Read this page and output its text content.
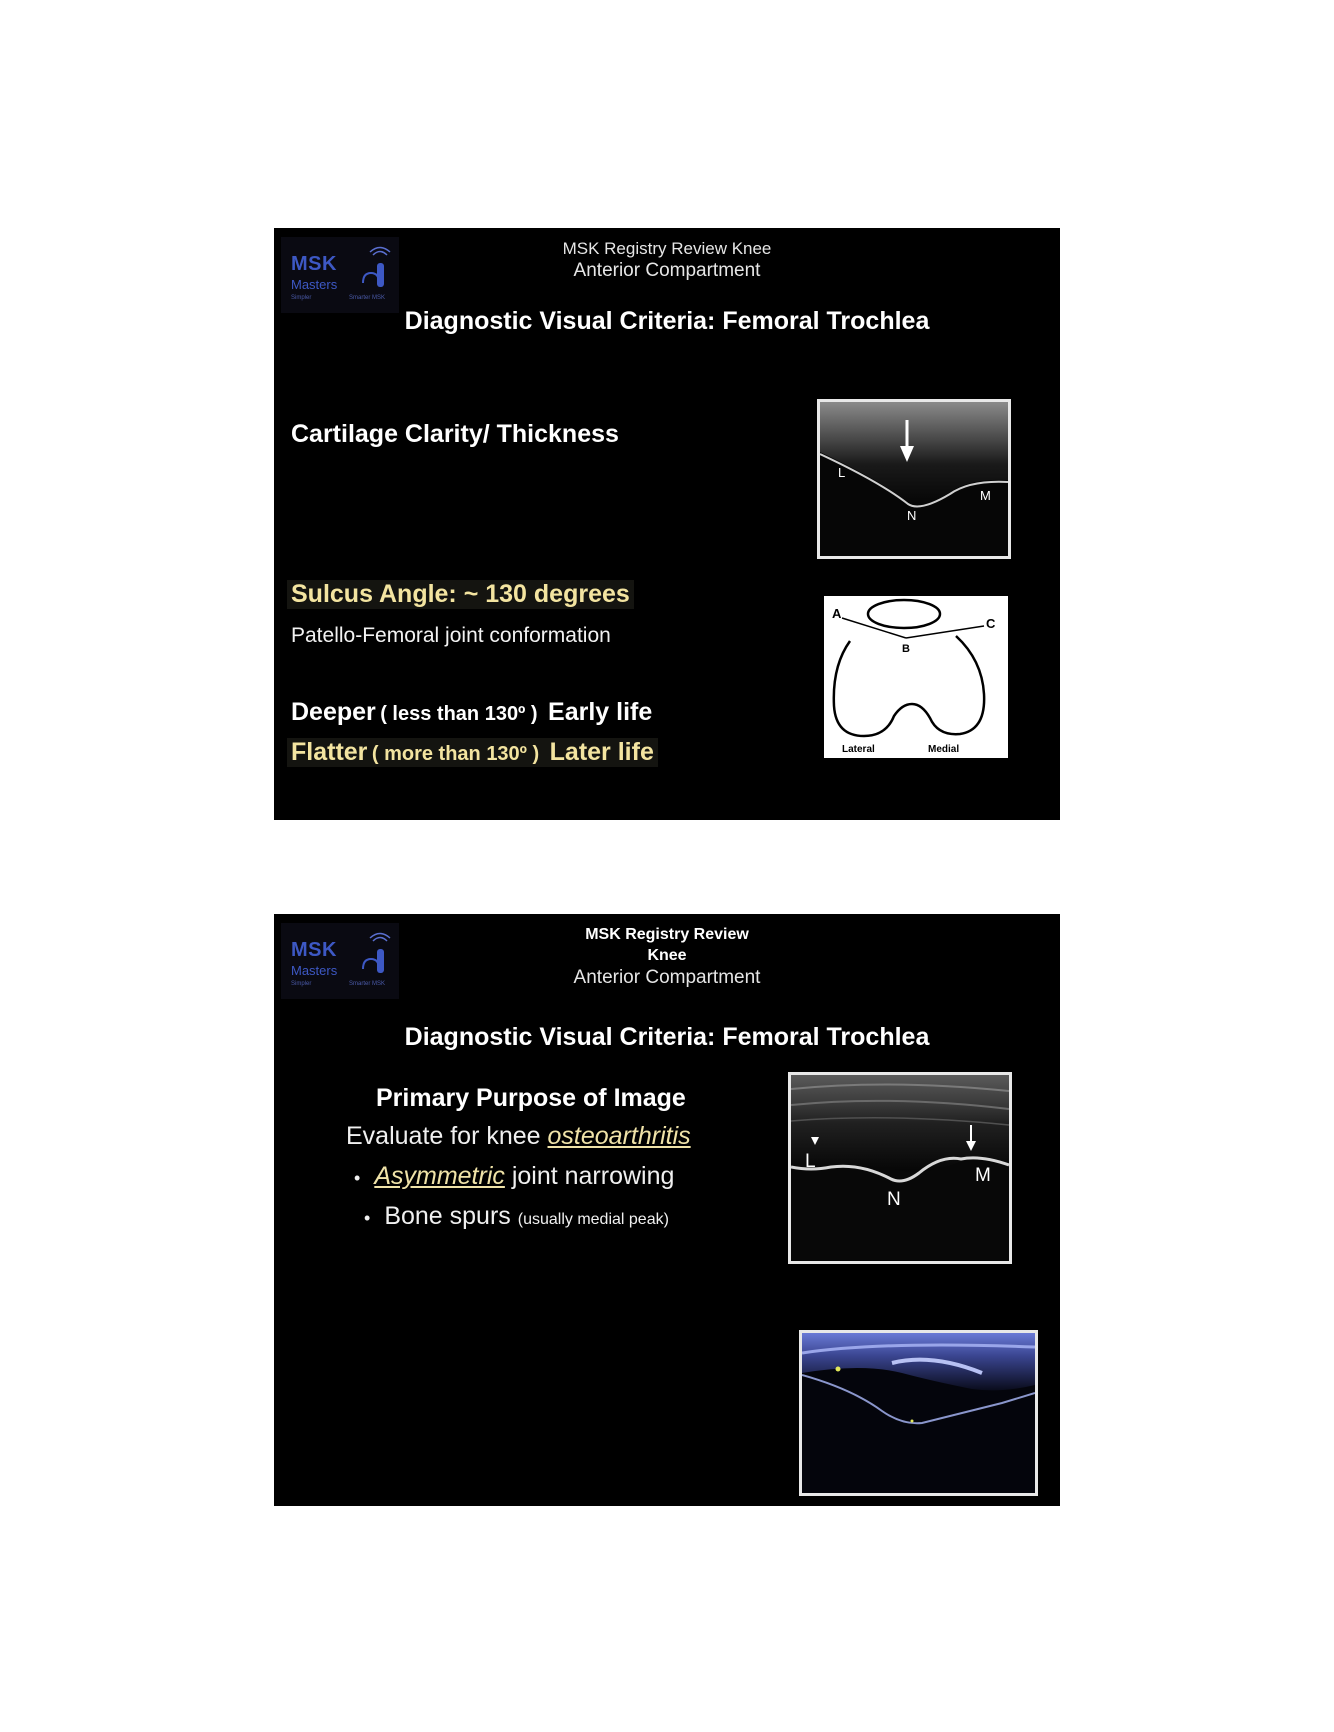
MSK
Masters
Simpler	Smarter MSK
MSK Registry Review Knee
Anterior Compartment
Diagnostic Visual Criteria: Femoral Trochlea
Cartilage Clarity/ Thickness
Sulcus Angle: ~ 130 degrees
Patello-Femoral joint conformation
Deeper ( less than 130º ) Early life
Flatter ( more than 130º ) Later life
L
N
M
A
B
C
Lateral	Medial
MSK
Masters
Simpler	Smarter MSK
MSK Registry Review
Knee
Anterior Compartment
Diagnostic Visual Criteria: Femoral Trochlea
Primary Purpose of Image
Evaluate for knee osteoarthritis
• Asymmetric joint narrowing
• Bone spurs (usually medial peak)
L
N
M
